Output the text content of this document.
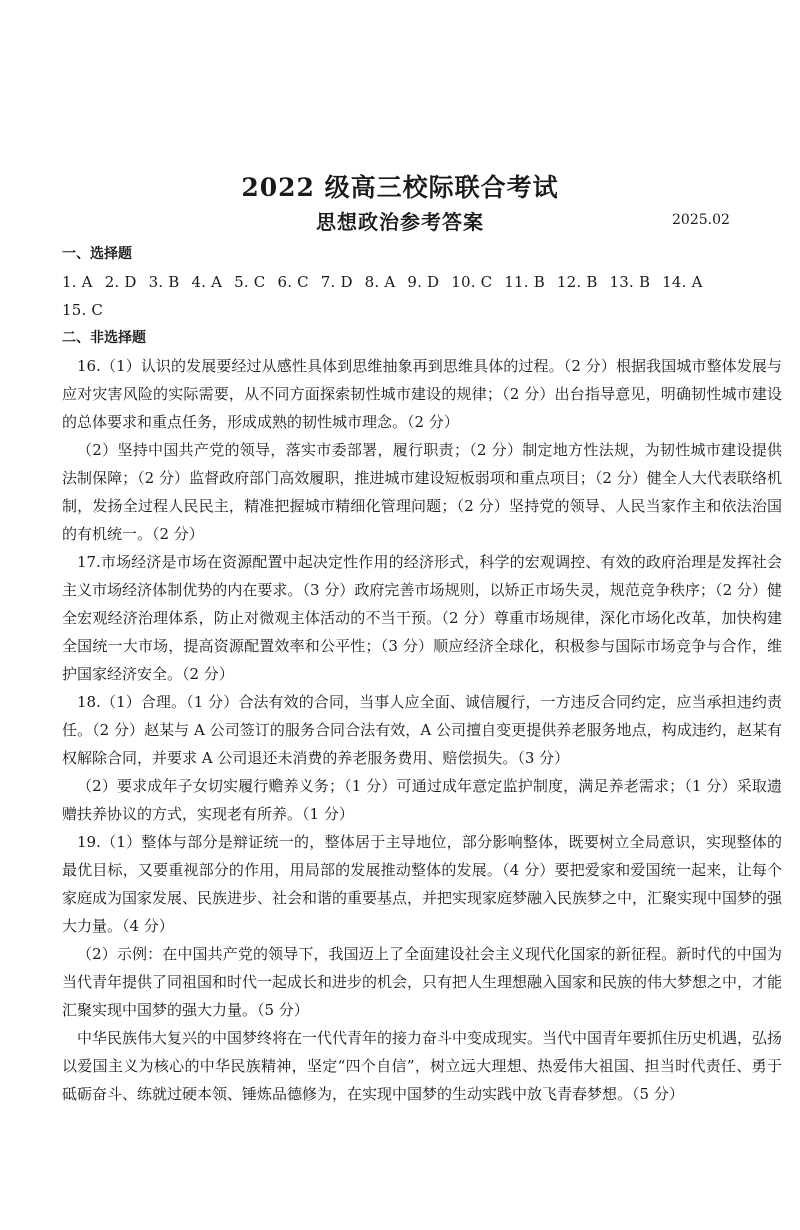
2022 级高三校际联合考试
思想政治参考答案	2025.02

一、选择题

1. A 2. D 3. B 4. A 5. C 6. C 7. D 8. A 9. D 10. C 11. B 12. B 13. B 14. A

15. C

二、非选择题

16.（1）认识的发展要经过从感性具体到思维抽象再到思维具体的过程。（2 分）根据我国城市整体发展与应对灾害风险的实际需要，从不同方面探索韧性城市建设的规律；（2 分）出台指导意见，明确韧性城市建设的总体要求和重点任务，形成成熟的韧性城市理念。（2 分）

（2）坚持中国共产党的领导，落实市委部署，履行职责；（2 分）制定地方性法规，为韧性城市建设提供法制保障；（2 分）监督政府部门高效履职，推进城市建设短板弱项和重点项目；（2 分）健全人大代表联络机制，发扬全过程人民民主，精准把握城市精细化管理问题；（2 分）坚持党的领导、人民当家作主和依法治国的有机统一。（2 分）

17.市场经济是市场在资源配置中起决定性作用的经济形式，科学的宏观调控、有效的政府治理是发挥社会主义市场经济体制优势的内在要求。（3 分）政府完善市场规则，以矫正市场失灵，规范竞争秩序；（2 分）健全宏观经济治理体系，防止对微观主体活动的不当干预。（2 分）尊重市场规律，深化市场化改革，加快构建全国统一大市场，提高资源配置效率和公平性；（3 分）顺应经济全球化，积极参与国际市场竞争与合作，维护国家经济安全。（2 分）

18.（1）合理。（1 分）合法有效的合同，当事人应全面、诚信履行，一方违反合同约定，应当承担违约责任。（2 分）赵某与 A 公司签订的服务合同合法有效，A 公司擅自变更提供养老服务地点，构成违约，赵某有权解除合同，并要求 A 公司退还未消费的养老服务费用、赔偿损失。（3 分）

（2）要求成年子女切实履行赡养义务；（1 分）可通过成年意定监护制度，满足养老需求；（1 分）采取遗赠扶养协议的方式，实现老有所养。（1 分）

19.（1）整体与部分是辩证统一的，整体居于主导地位，部分影响整体，既要树立全局意识，实现整体的最优目标，又要重视部分的作用，用局部的发展推动整体的发展。（4 分）要把爱家和爱国统一起来，让每个家庭成为国家发展、民族进步、社会和谐的重要基点，并把实现家庭梦融入民族梦之中，汇聚实现中国梦的强大力量。（4 分）

（2）示例：在中国共产党的领导下，我国迈上了全面建设社会主义现代化国家的新征程。新时代的中国为当代青年提供了同祖国和时代一起成长和进步的机会，只有把人生理想融入国家和民族的伟大梦想之中，才能汇聚实现中国梦的强大力量。（5 分）

中华民族伟大复兴的中国梦终将在一代代青年的接力奋斗中变成现实。当代中国青年要抓住历史机遇，弘扬以爱国主义为核心的中华民族精神，坚定“四个自信”，树立远大理想、热爱伟大祖国、担当时代责任、勇于砥砺奋斗、练就过硬本领、锤炼品德修为，在实现中国梦的生动实践中放飞青春梦想。（5 分）
